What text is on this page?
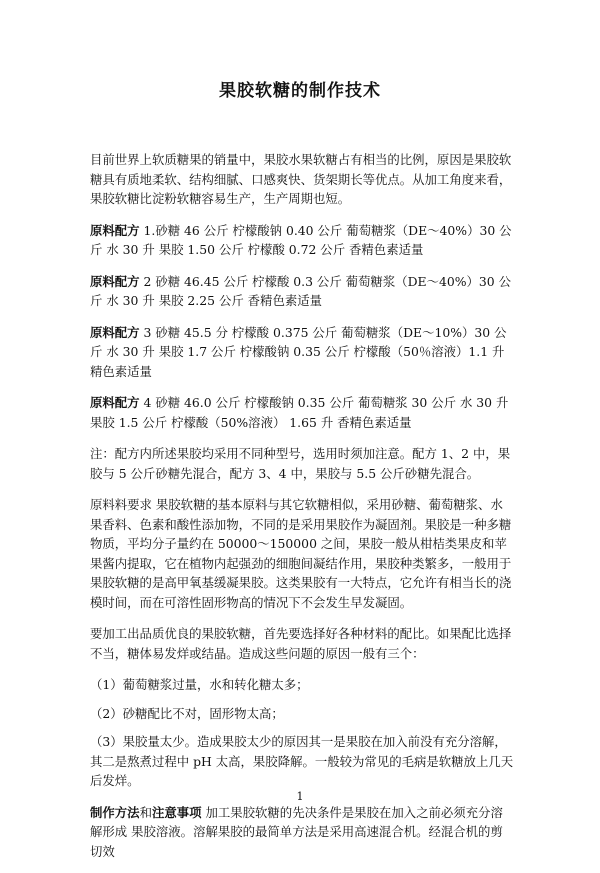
果胶软糖的制作技术

目前世界上软质糖果的销量中，果胶水果软糖占有相当的比例，原因是果胶软糖具有质地柔软、结构细腻、口感爽快、货架期长等优点。从加工角度来看，果胶软糖比淀粉软糖容易生产，生产周期也短。

原料配方 1.砂糖 46 公斤 柠檬酸钠 0.40 公斤 葡萄糖浆（DE～40%）30 公斤 水 30 升 果胶 1.50 公斤 柠檬酸 0.72 公斤 香精色素适量

原料配方 2 砂糖 46.45 公斤 柠檬酸 0.3 公斤 葡萄糖浆（DE～40%）30 公斤 水 30 升 果胶 2.25 公斤 香精色素适量

原料配方 3 砂糖 45.5 分 柠檬酸 0.375 公斤 葡萄糖浆（DE～10%）30 公斤 水 30 升 果胶 1.7 公斤 柠檬酸钠 0.35 公斤 柠檬酸（50％溶液）1.1 升 精色素适量

原料配方 4 砂糖 46.0 公斤 柠檬酸钠 0.35 公斤 葡萄糖浆 30 公斤 水 30 升 果胶 1.5 公斤 柠檬酸（50%溶液） 1.65 升 香精色素适量

注：配方内所述果胶均采用不同种型号，选用时须加注意。配方 1、2 中，果胶与 5 公斤砂糖先混合，配方 3、4 中，果胶与 5.5 公斤砂糖先混合。

原料料要求 果胶软糖的基本原料与其它软糖相似，采用砂糖、葡萄糖浆、水果香料、色素和酸性添加物，不同的是采用果胶作为凝固剂。果胶是一种多糖物质，平均分子量约在 50000～150000 之间，果胶一般从柑桔类果皮和苹果酱内提取，它在植物内起强劲的细胞间凝结作用，果胶种类繁多，一般用于果胶软糖的是高甲氧基缓凝果胶。这类果胶有一大特点，它允许有相当长的浇模时间，而在可溶性固形物高的情况下不会发生早发凝固。

要加工出品质优良的果胶软糖，首先要选择好各种材料的配比。如果配比选择不当，糖体易发烊或结晶。造成这些问题的原因一般有三个：

（1）葡萄糖浆过量，水和转化糖太多；

（2）砂糖配比不对，固形物太高；

（3）果胶量太少。造成果胶太少的原因其一是果胶在加入前没有充分溶解，其二是熬煮过程中 pH 太高，果胶降解。一般较为常见的毛病是软糖放上几天后发烊。

制作方法和注意事项 加工果胶软糖的先决条件是果胶在加入之前必须充分溶解形成 果胶溶液。溶解果胶的最简单方法是采用高速混合机。经混合机的剪切效

1
